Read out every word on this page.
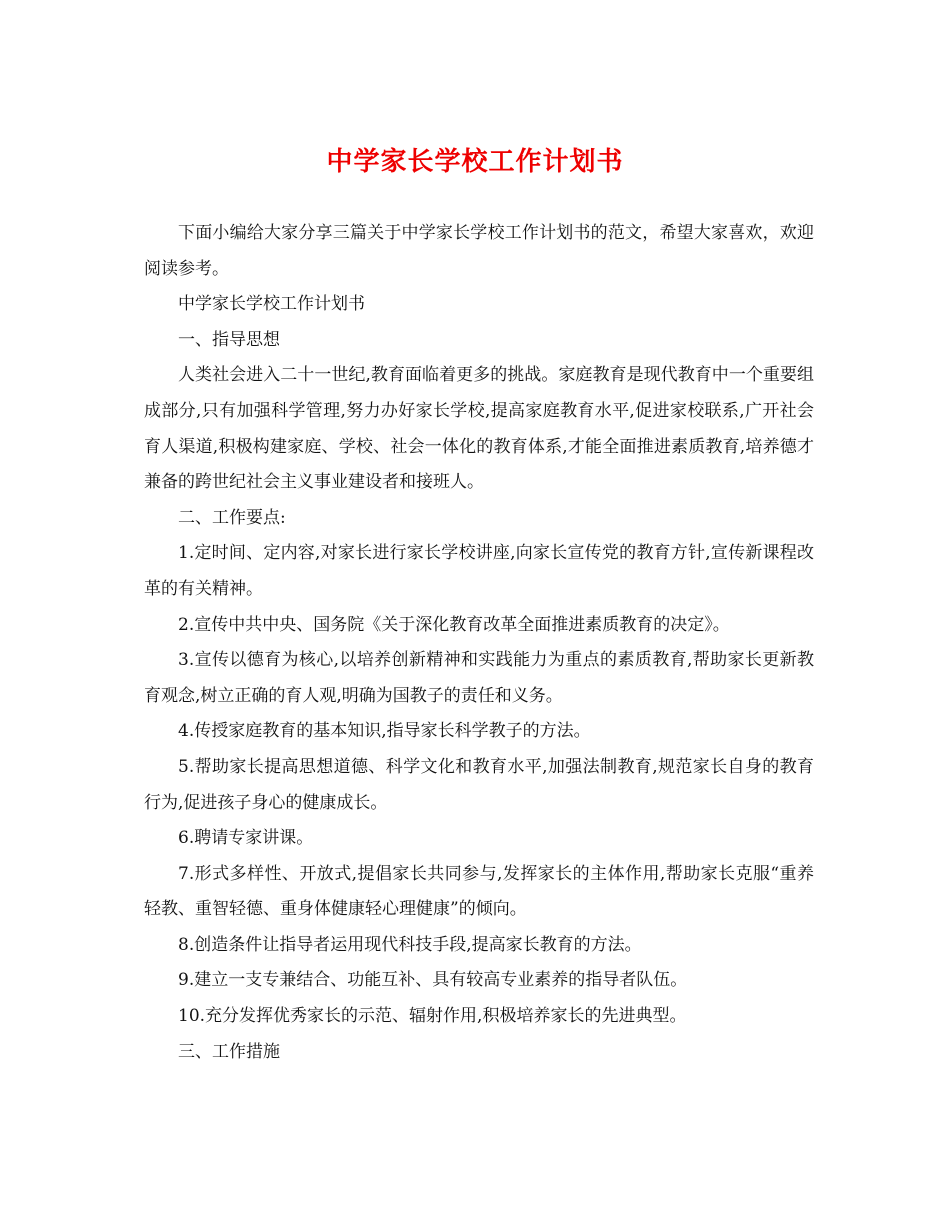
中学家长学校工作计划书

下面小编给大家分享三篇关于中学家长学校工作计划书的范文，希望大家喜欢，欢迎阅读参考。

中学家长学校工作计划书

一、指导思想

人类社会进入二十一世纪,教育面临着更多的挑战。家庭教育是现代教育中一个重要组成部分,只有加强科学管理,努力办好家长学校,提高家庭教育水平,促进家校联系,广开社会育人渠道,积极构建家庭、学校、社会一体化的教育体系,才能全面推进素质教育,培养德才兼备的跨世纪社会主义事业建设者和接班人。

二、工作要点:

1.定时间、定内容,对家长进行家长学校讲座,向家长宣传党的教育方针,宣传新课程改革的有关精神。

2.宣传中共中央、国务院《关于深化教育改革全面推进素质教育的决定》。

3.宣传以德育为核心,以培养创新精神和实践能力为重点的素质教育,帮助家长更新教育观念,树立正确的育人观,明确为国教子的责任和义务。

4.传授家庭教育的基本知识,指导家长科学教子的方法。

5.帮助家长提高思想道德、科学文化和教育水平,加强法制教育,规范家长自身的教育行为,促进孩子身心的健康成长。

6.聘请专家讲课。

7.形式多样性、开放式,提倡家长共同参与,发挥家长的主体作用,帮助家长克服“重养轻教、重智轻德、重身体健康轻心理健康”的倾向。

8.创造条件让指导者运用现代科技手段,提高家长教育的方法。

9.建立一支专兼结合、功能互补、具有较高专业素养的指导者队伍。

10.充分发挥优秀家长的示范、辐射作用,积极培养家长的先进典型。

三、工作措施
